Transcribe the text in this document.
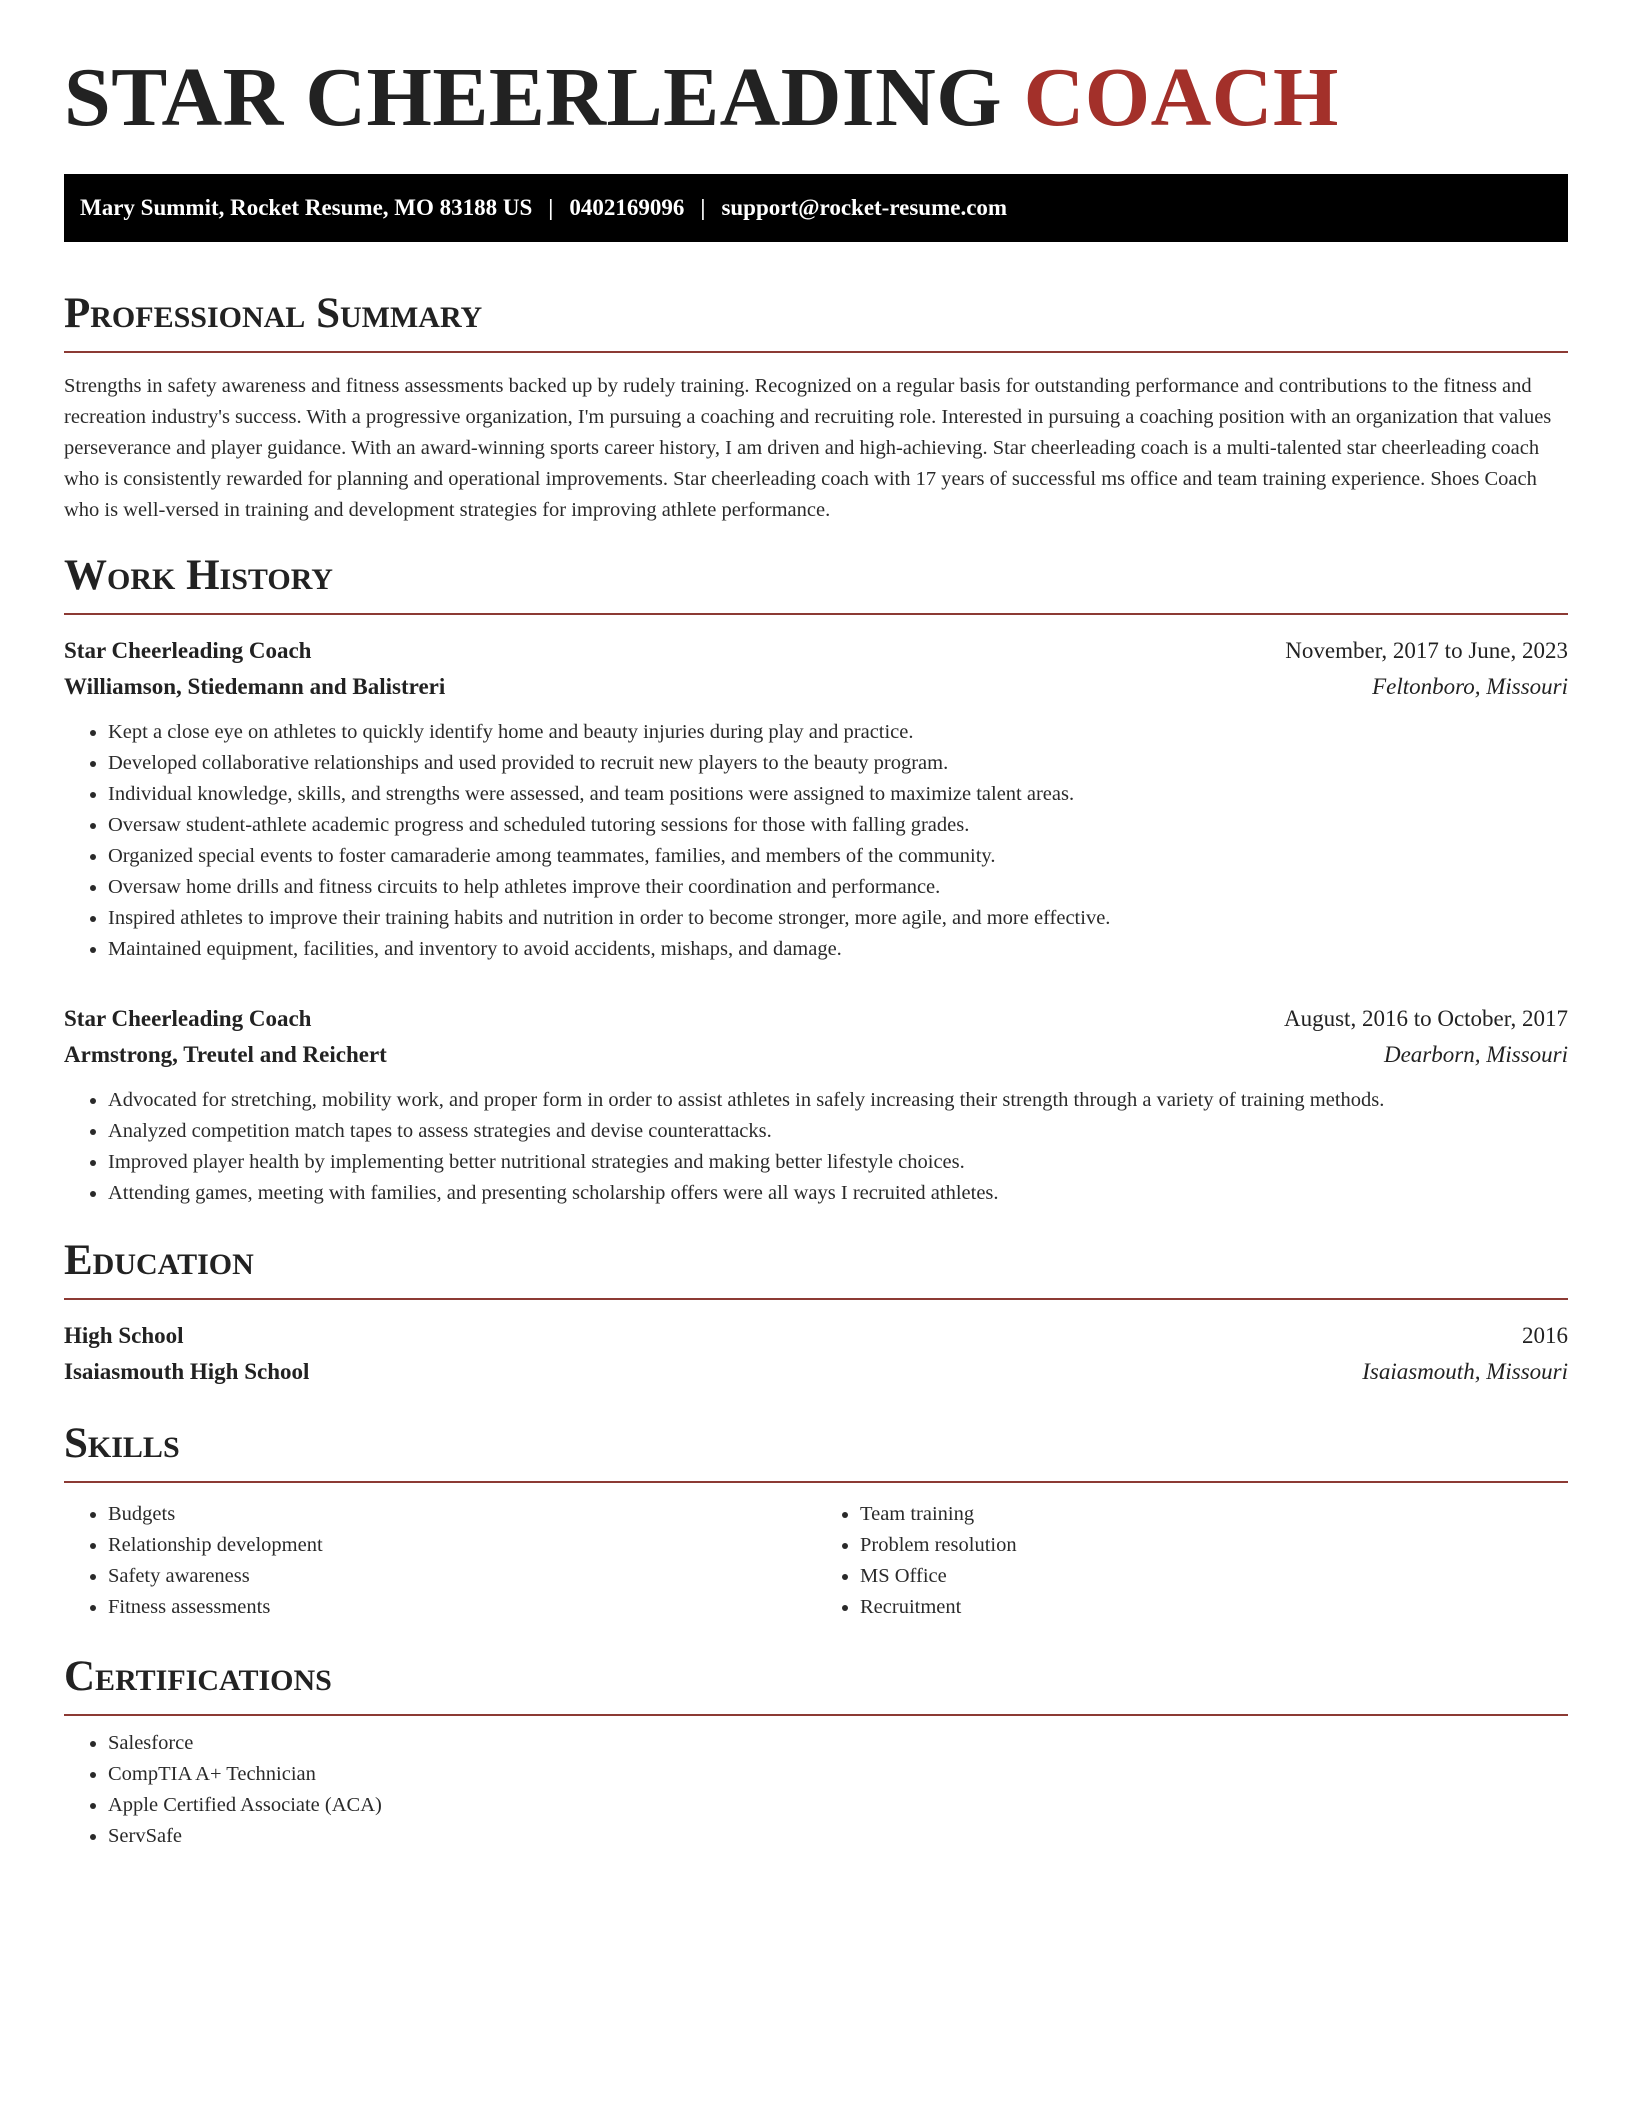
STAR CHEERLEADING COACH
Mary Summit, Rocket Resume, MO 83188 US | 0402169096 | support@rocket-resume.com
Professional Summary

Strengths in safety awareness and fitness assessments backed up by rudely training. Recognized on a regular basis for outstanding performance and contributions to the fitness and recreation industry's success. With a progressive organization, I'm pursuing a coaching and recruiting role. Interested in pursuing a coaching position with an organization that values perseverance and player guidance. With an award-winning sports career history, I am driven and high-achieving. Star cheerleading coach is a multi-talented star cheerleading coach who is consistently rewarded for planning and operational improvements. Star cheerleading coach with 17 years of successful ms office and team training experience. Shoes Coach who is well-versed in training and development strategies for improving athlete performance.

Work History
Star Cheerleading Coach	November, 2017 to June, 2023
Williamson, Stiedemann and Balistreri	Feltonboro, Missouri
• Kept a close eye on athletes to quickly identify home and beauty injuries during play and practice.
• Developed collaborative relationships and used provided to recruit new players to the beauty program.
• Individual knowledge, skills, and strengths were assessed, and team positions were assigned to maximize talent areas.
• Oversaw student-athlete academic progress and scheduled tutoring sessions for those with falling grades.
• Organized special events to foster camaraderie among teammates, families, and members of the community.
• Oversaw home drills and fitness circuits to help athletes improve their coordination and performance.
• Inspired athletes to improve their training habits and nutrition in order to become stronger, more agile, and more effective.
• Maintained equipment, facilities, and inventory to avoid accidents, mishaps, and damage.
Star Cheerleading Coach	August, 2016 to October, 2017
Armstrong, Treutel and Reichert	Dearborn, Missouri
• Advocated for stretching, mobility work, and proper form in order to assist athletes in safely increasing their strength through a variety of training methods.
• Analyzed competition match tapes to assess strategies and devise counterattacks.
• Improved player health by implementing better nutritional strategies and making better lifestyle choices.
• Attending games, meeting with families, and presenting scholarship offers were all ways I recruited athletes.
Education
High School	2016
Isaiasmouth High School	Isaiasmouth, Missouri
Skills
• Budgets
• Relationship development
• Safety awareness
• Fitness assessments
• Team training
• Problem resolution
• MS Office
• Recruitment
Certifications
• Salesforce
• CompTIA A+ Technician
• Apple Certified Associate (ACA)
• ServSafe
